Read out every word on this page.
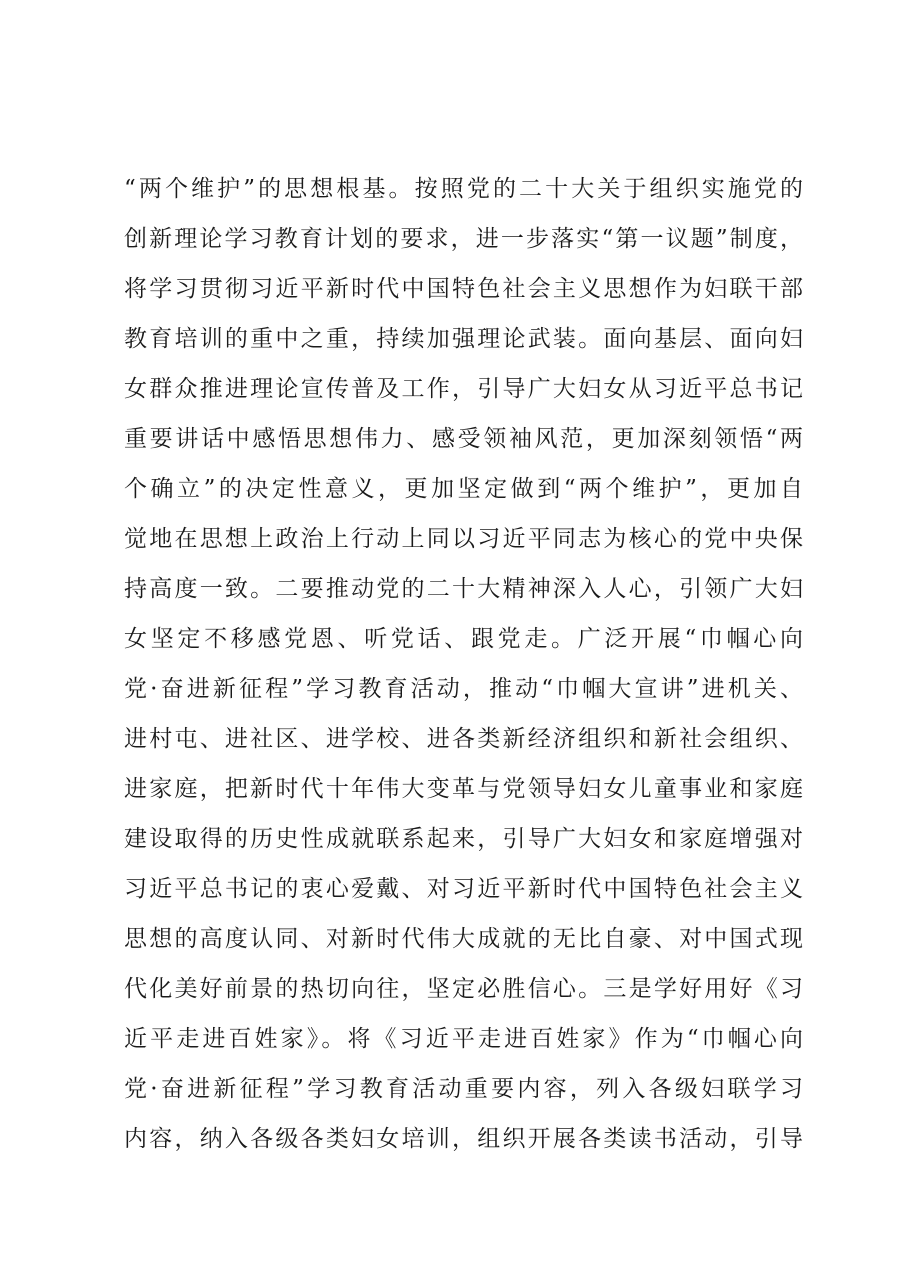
“两个维护”的思想根基。按照党的二十大关于组织实施党的
创新理论学习教育计划的要求，进一步落实“第一议题”制度，
将学习贯彻习近平新时代中国特色社会主义思想作为妇联干部
教育培训的重中之重，持续加强理论武装。面向基层、面向妇
女群众推进理论宣传普及工作，引导广大妇女从习近平总书记
重要讲话中感悟思想伟力、感受领袖风范，更加深刻领悟“两
个确立”的决定性意义，更加坚定做到“两个维护”，更加自
觉地在思想上政治上行动上同以习近平同志为核心的党中央保
持高度一致。二要推动党的二十大精神深入人心，引领广大妇
女坚定不移感党恩、听党话、跟党走。广泛开展“巾帼心向
党·奋进新征程”学习教育活动，推动“巾帼大宣讲”进机关、
进村屯、进社区、进学校、进各类新经济组织和新社会组织、
进家庭，把新时代十年伟大变革与党领导妇女儿童事业和家庭
建设取得的历史性成就联系起来，引导广大妇女和家庭增强对
习近平总书记的衷心爱戴、对习近平新时代中国特色社会主义
思想的高度认同、对新时代伟大成就的无比自豪、对中国式现
代化美好前景的热切向往，坚定必胜信心。三是学好用好《习
近平走进百姓家》。将《习近平走进百姓家》作为“巾帼心向
党·奋进新征程”学习教育活动重要内容，列入各级妇联学习
内容，纳入各级各类妇女培训，组织开展各类读书活动，引导
